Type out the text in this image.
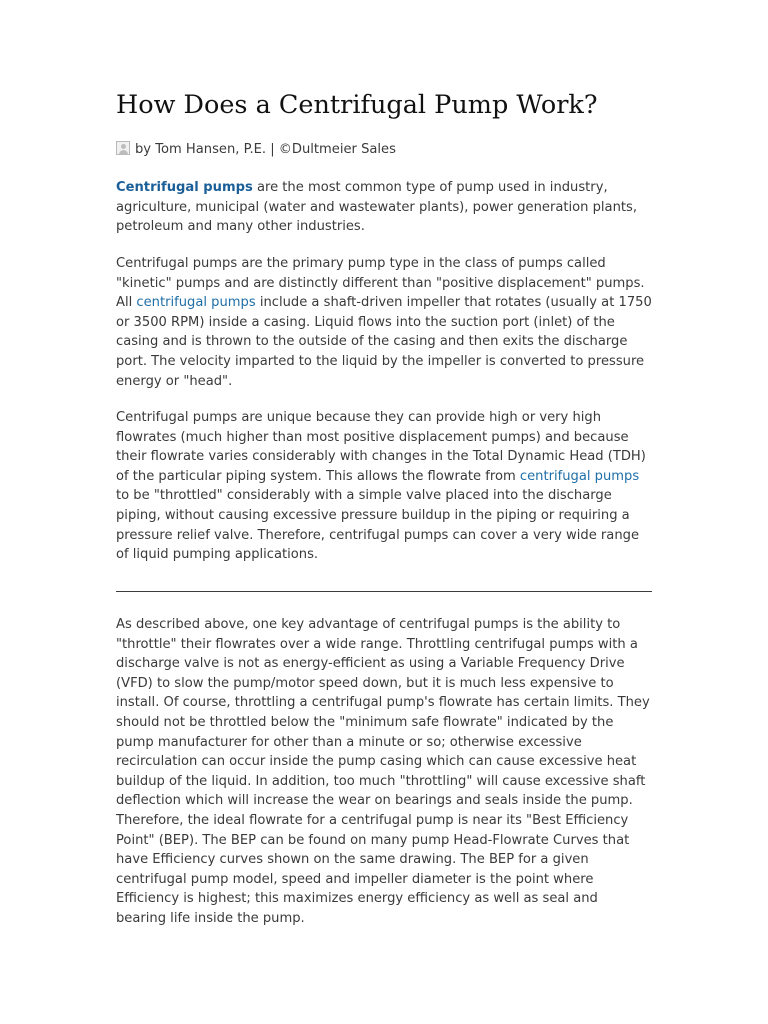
How Does a Centrifugal Pump Work?
by Tom Hansen, P.E. | ©Dultmeier Sales

Centrifugal pumps are the most common type of pump used in industry, agriculture, municipal (water and wastewater plants), power generation plants, petroleum and many other industries.

Centrifugal pumps are the primary pump type in the class of pumps called "kinetic" pumps and are distinctly different than "positive displacement" pumps. All centrifugal pumps include a shaft-driven impeller that rotates (usually at 1750 or 3500 RPM) inside a casing. Liquid flows into the suction port (inlet) of the casing and is thrown to the outside of the casing and then exits the discharge port. The velocity imparted to the liquid by the impeller is converted to pressure energy or "head".

Centrifugal pumps are unique because they can provide high or very high flowrates (much higher than most positive displacement pumps) and because their flowrate varies considerably with changes in the Total Dynamic Head (TDH) of the particular piping system. This allows the flowrate from centrifugal pumps to be "throttled" considerably with a simple valve placed into the discharge piping, without causing excessive pressure buildup in the piping or requiring a pressure relief valve. Therefore, centrifugal pumps can cover a very wide range of liquid pumping applications.

As described above, one key advantage of centrifugal pumps is the ability to "throttle" their flowrates over a wide range. Throttling centrifugal pumps with a discharge valve is not as energy-efficient as using a Variable Frequency Drive (VFD) to slow the pump/motor speed down, but it is much less expensive to install. Of course, throttling a centrifugal pump's flowrate has certain limits. They should not be throttled below the "minimum safe flowrate" indicated by the pump manufacturer for other than a minute or so; otherwise excessive recirculation can occur inside the pump casing which can cause excessive heat buildup of the liquid. In addition, too much "throttling" will cause excessive shaft deflection which will increase the wear on bearings and seals inside the pump. Therefore, the ideal flowrate for a centrifugal pump is near its "Best Efficiency Point" (BEP). The BEP can be found on many pump Head-Flowrate Curves that have Efficiency curves shown on the same drawing. The BEP for a given centrifugal pump model, speed and impeller diameter is the point where Efficiency is highest; this maximizes energy efficiency as well as seal and bearing life inside the pump.
